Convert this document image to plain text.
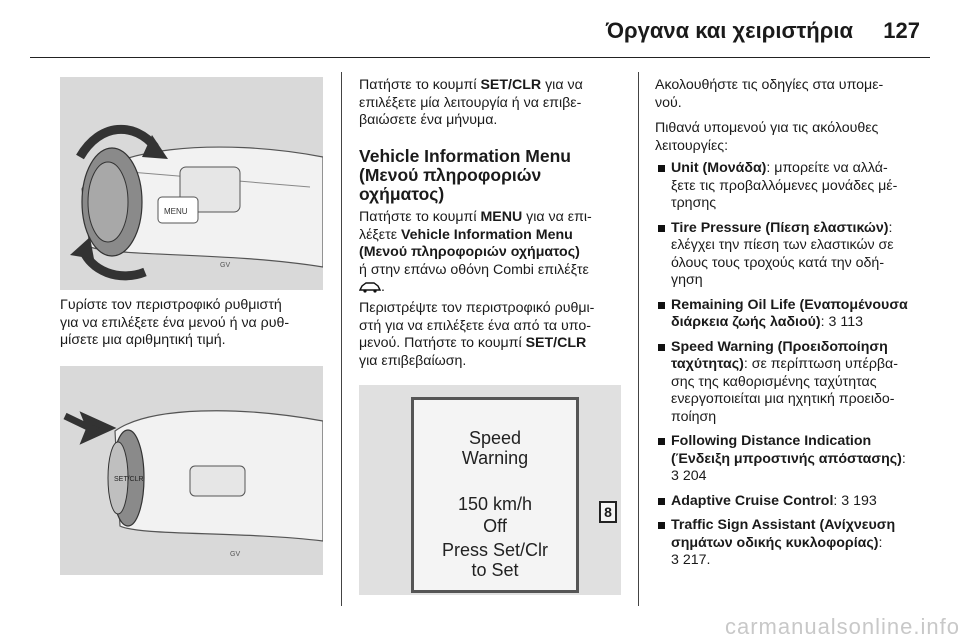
Όργανα και χειριστήρια 127
MENU
GV

Γυρίστε τον περιστροφικό ρυθμιστή
για να επιλέξετε ένα μενού ή να ρυθ-
μίσετε μια αριθμητική τιμή.

SET/CLR
GV

Πατήστε το κουμπί SET/CLR για να
επιλέξετε μία λειτουργία ή να επιβε-
βαιώσετε ένα μήνυμα.

Vehicle Information Menu
(Μενού πληροφοριών
οχήματος)

Πατήστε το κουμπί MENU για να επι-
λέξετε Vehicle Information Menu
(Μενού πληροφοριών οχήματος)
ή στην επάνω οθόνη Combi επιλέξτε
.

Περιστρέψτε τον περιστροφικό ρυθμι-
στή για να επιλέξετε ένα από τα υπο-
μενού. Πατήστε το κουμπί SET/CLR
για επιβεβαίωση.

Speed
Warning
150 km/h
Off
Press Set/Clr
to Set
8

Ακολουθήστε τις οδηγίες στα υπομε-
νού.

Πιθανά υπομενού για τις ακόλουθες
λειτουργίες:

Unit (Μονάδα): μπορείτε να αλλά-
ξετε τις προβαλλόμενες μονάδες μέ-
τρησης
Tire Pressure (Πίεση ελαστικών):
ελέγχει την πίεση των ελαστικών σε
όλους τους τροχούς κατά την οδή-
γηση
Remaining Oil Life (Εναπομένουσα
διάρκεια ζωής λαδιού): 3 113
Speed Warning (Προειδοποίηση
ταχύτητας): σε περίπτωση υπέρβα-
σης της καθορισμένης ταχύτητας
ενεργοποιείται μια ηχητική προειδο-
ποίηση
Following Distance Indication
(Ένδειξη μπροστινής απόστασης):
3 204
Adaptive Cruise Control: 3 193
Traffic Sign Assistant (Ανίχνευση
σημάτων οδικής κυκλοφορίας):
3 217.
carmanualsonline.info
